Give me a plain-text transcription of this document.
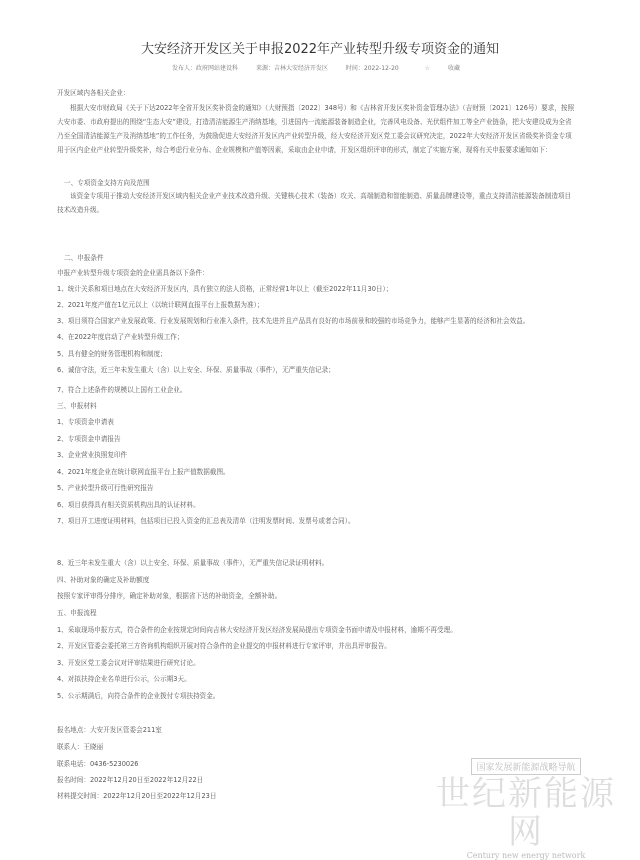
大安经济开发区关于申报2022年产业转型升级专项资金的通知
发布人：政府网站建设科	来源：吉林大安经济开发区	时间：2022-12-20	☆	收藏
开发区域内各相关企业：
根据大安市财政局《关于下达2022年全省开发区奖补资金的通知》（大财预指〔2022〕348号）和《吉林省开发区奖补资金管理办法》（吉财预〔2021〕126号）要求，按照大安市委、市政府提出的围绕“生态大安”建设，打造清洁能源生产消纳基地，引进国内一流能源装备制造企业，完善风电设备、光伏组件加工等全产业链条，把大安建设成为全省乃至全国清洁能源生产及消纳基地”的工作任务，为鼓励促进大安经济开发区内产业转型升级，经大安经济开发区党工委会议研究决定，2022年大安经济开发区省级奖补资金专项用于区内企业产业转型升级奖补，综合考虑行业分布、企业规模和产值等因素，采取由企业申请，开发区组织评审的形式，制定了实施方案，现将有关申报要求通知如下：
一、专项资金支持方向及范围
该资金专项用于推动大安经济开发区域内相关企业产业技术改造升级、关键核心技术（装备）攻关、高端制造和智能制造、质量品牌建设等，重点支持清洁能源装备制造项目技术改造升级。
二、申报条件
申报产业转型升级专项资金的企业需具备以下条件：
1、统计关系和项目地点在大安经济开发区内，具有独立的法人资格，正常经营1年以上（截至2022年11月30日）；
2、2021年度产值在1亿元以上（以统计联网直报平台上报数据为准）；
3、项目须符合国家产业发展政策、行业发展规划和行业准入条件，技术先进并且产品具有良好的市场前景和较强的市场竞争力，能够产生显著的经济和社会效益。
4、在2022年度启动了产业转型升级工作；
5、具有健全的财务管理机构和制度；
6、诚信守法，近三年未发生重大（含）以上安全、环保、质量事故（事件），无严重失信记录；
7、符合上述条件的规模以上国有工业企业。
三、申报材料
1、专项资金申请表
2、专项资金申请报告
3、企业营业执照复印件
4、2021年度企业在统计联网直报平台上报产值数据截图。
5、产业转型升级可行性研究报告
6、项目获得具有相关资质机构出具的认证材料。
7、项目开工进度证明材料，包括项目已投入资金的汇总表及清单（注明发票时间、发票号或者合同）。
8、近三年未发生重大（含）以上安全、环保、质量事故（事件），无严重失信记录证明材料。
四、补助对象的确定及补助额度
按照专家评审得分排序，确定补助对象，根据省下达的补助资金，全额补助。
五、申报流程
1、采取现场申报方式，符合条件的企业按规定时间向吉林大安经济开发区经济发展局提出专项资金书面申请及申报材料，逾期不再受理。
2、开发区管委会委托第三方咨询机构组织开展对符合条件的企业提交的申报材料进行专家评审，并出具评审报告。
3、开发区党工委会议对评审结果进行研究讨论。
4、对拟扶持企业名单进行公示，公示期3天。
5、公示期满后，向符合条件的企业拨付专项扶持资金。
报名地点：大安开发区管委会211室
联系人：王晓丽
联系电话：0436-5230026
报名时间：2022年12月20日至2022年12月22日
材料提交时间：2022年12月20日至2022年12月23日
国家发展新能源战略导航
世纪新能源网
Century new energy network
